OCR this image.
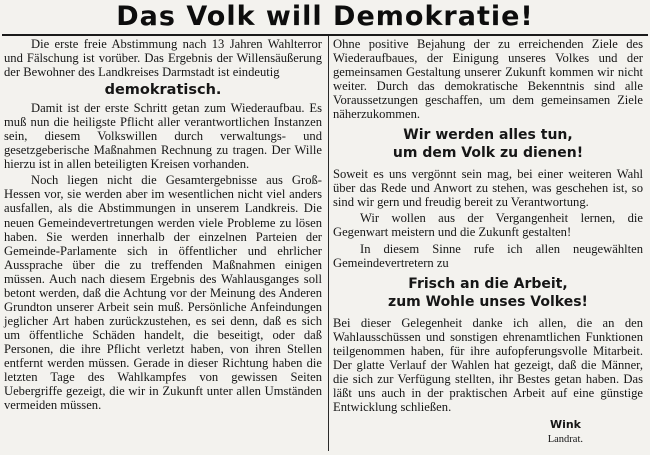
Das Volk will Demokratie!

Die erste freie Abstimmung nach 13 Jahren Wahlterror und Fälschung ist vorüber. Das Ergebnis der Willensäußerung der Bewohner des Landkreises Darmstadt ist eindeutig

demokratisch.

Damit ist der erste Schritt getan zum Wiederaufbau. Es muß nun die heiligste Pflicht aller verantwortlichen Instanzen sein, diesem Volkswillen durch verwaltungs- und gesetzgeberische Maßnahmen Rechnung zu tragen. Der Wille hierzu ist in allen beteiligten Kreisen vorhanden.

Noch liegen nicht die Gesamtergebnisse aus Groß-Hessen vor, sie werden aber im wesentlichen nicht viel anders ausfallen, als die Abstimmungen in unserem Landkreis. Die neuen Gemeindevertretungen werden viele Probleme zu lösen haben. Sie werden innerhalb der einzelnen Parteien der Gemeinde-Parlamente sich in öffentlicher und ehrlicher Aussprache über die zu treffenden Maßnahmen einigen müssen. Auch nach diesem Ergebnis des Wahlausganges soll betont werden, daß die Achtung vor der Meinung des Anderen Grundton unserer Arbeit sein muß. Persönliche Anfeindungen jeglicher Art haben zurückzustehen, es sei denn, daß es sich um öffentliche Schäden handelt, die beseitigt, oder daß Personen, die ihre Pflicht verletzt haben, von ihren Stellen entfernt werden müssen. Gerade in dieser Richtung haben die letzten Tage des Wahlkampfes von gewissen Seiten Uebergriffe gezeigt, die wir in Zukunft unter allen Umständen vermeiden müssen.

Ohne positive Bejahung der zu erreichenden Ziele des Wiederaufbaues, der Einigung unseres Volkes und der gemeinsamen Gestaltung unserer Zukunft kommen wir nicht weiter. Durch das demokratische Bekenntnis sind alle Voraussetzungen geschaffen, um dem gemeinsamen Ziele näherzukommen.

Wir werden alles tun,
um dem Volk zu dienen!

Soweit es uns vergönnt sein mag, bei einer weiteren Wahl über das Rede und Anwort zu stehen, was geschehen ist, so sind wir gern und freudig bereit zu Verantwortung.

Wir wollen aus der Vergangenheit lernen, die Gegenwart meistern und die Zukunft gestalten!

In diesem Sinne rufe ich allen neugewählten Gemeindevertretern zu

Frisch an die Arbeit,
zum Wohle unses Volkes!

Bei dieser Gelegenheit danke ich allen, die an den Wahlausschüssen und sonstigen ehrenamtlichen Funktionen teilgenommen haben, für ihre aufopferungsvolle Mitarbeit. Der glatte Verlauf der Wahlen hat gezeigt, daß die Männer, die sich zur Verfügung stellten, ihr Bestes getan haben. Das läßt uns auch in der praktischen Arbeit auf eine günstige Entwicklung schließen.

Wink
Landrat.
